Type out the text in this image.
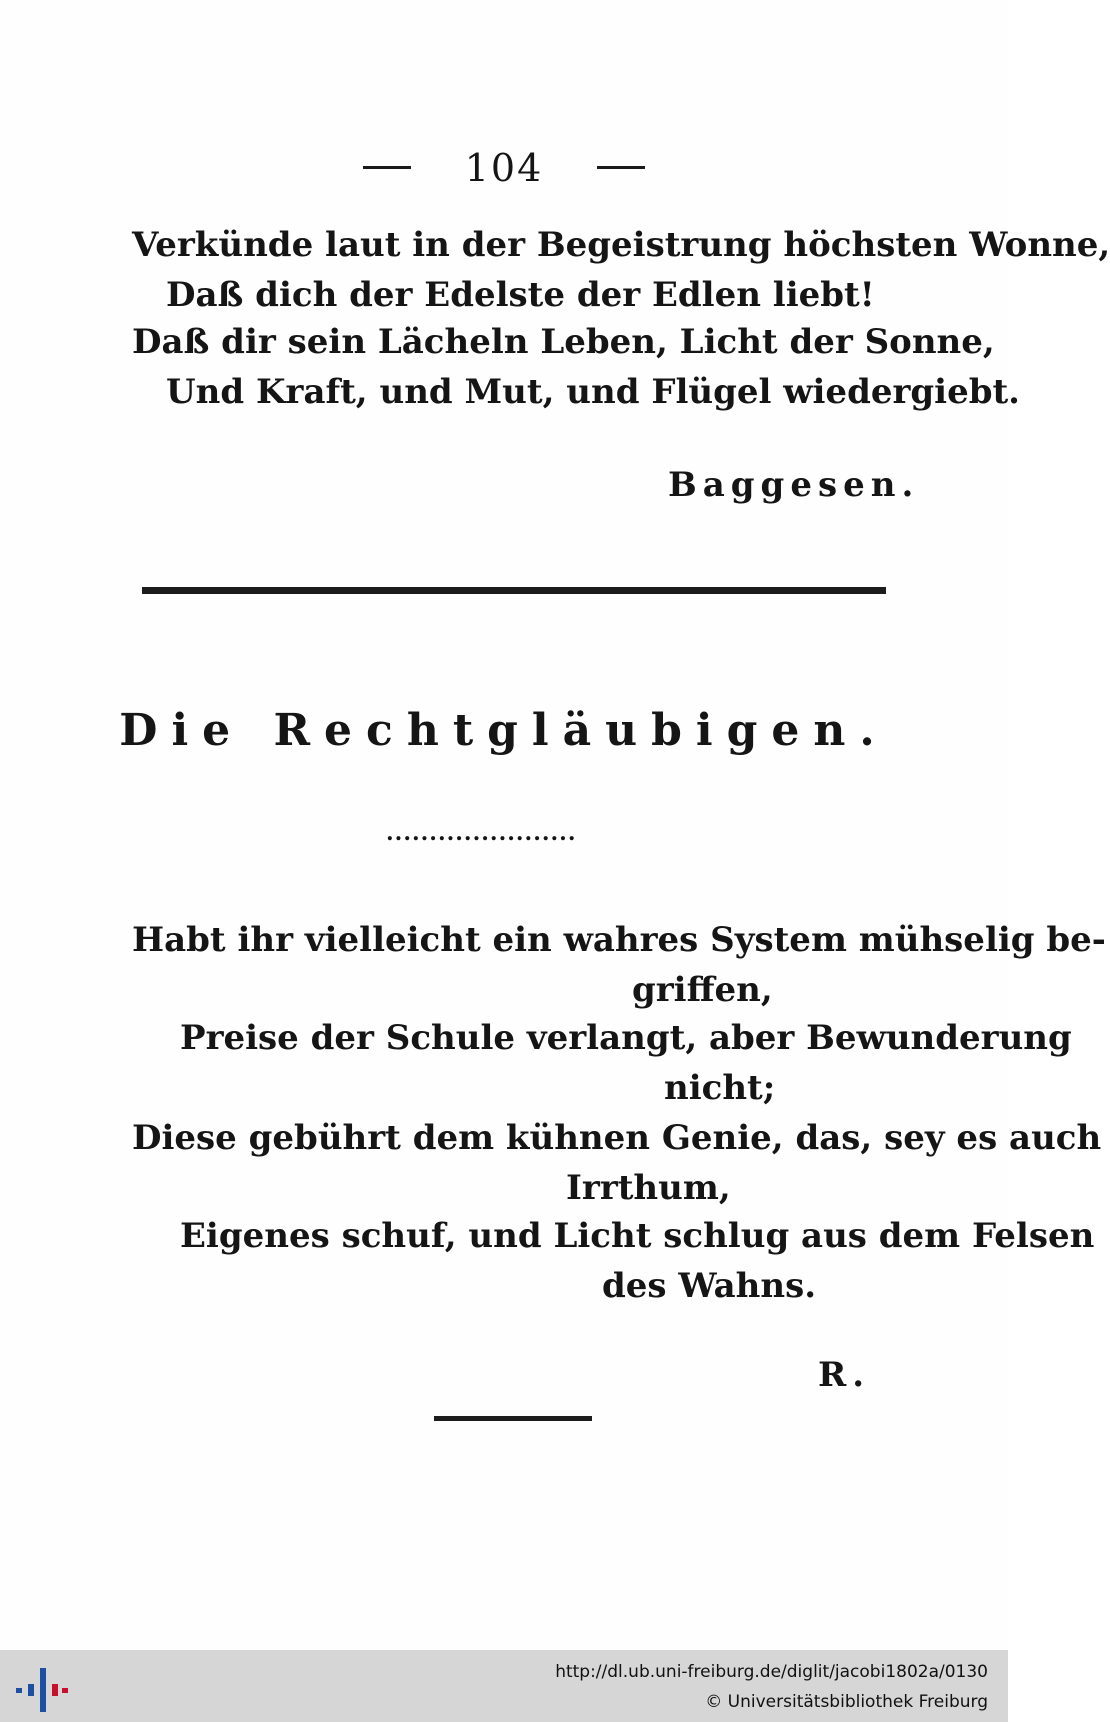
104
Verkünde laut in der Begeistrung höchsten Wonne,
Daß dich der Edelste der Edlen liebt!
Daß dir sein Lächeln Leben, Licht der Sonne,
Und Kraft, und Mut, und Flügel wiedergiebt.
Baggesen.
Die Rechtgläubigen.
......................
Habt ihr vielleicht ein wahres System mühselig be-
griffen,
Preise der Schule verlangt, aber Bewunderung
nicht;
Diese gebührt dem kühnen Genie, das, sey es auch
Irrthum,
Eigenes schuf, und Licht schlug aus dem Felsen
des Wahns.
R.
http://dl.ub.uni-freiburg.de/diglit/jacobi1802a/0130
© Universitätsbibliothek Freiburg
